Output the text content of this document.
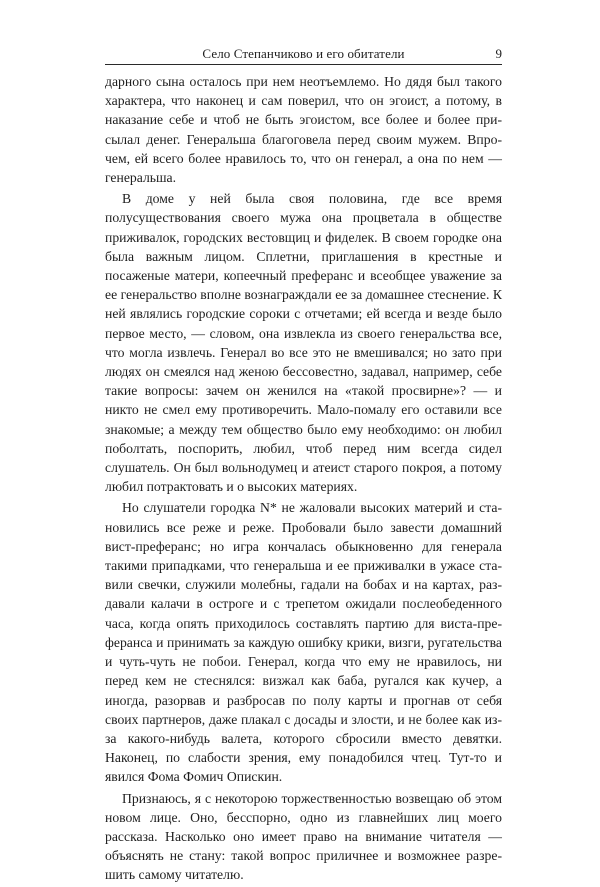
Село Степанчиково и его обитатели	9

дарного сына осталось при нем неотъемлемо. Но дядя был такого характера, что наконец и сам поверил, что он эгоист, а потому, в наказание себе и чтоб не быть эгоистом, все более и более присылал денег. Генеральша благоговела перед своим мужем. Впрочем, ей всего более нравилось то, что он генерал, а она по нем — генеральша.

В доме у ней была своя половина, где все время полусуществования своего мужа она процветала в обществе приживалок, городских вестовщиц и фиделек. В своем городке она была важным лицом. Сплетни, приглашения в крестные и посаженые матери, копеечный преферанс и всеобщее уважение за ее генеральство вполне вознаграждали ее за домашнее стеснение. К ней являлись городские сороки с отчетами; ей всегда и везде было первое место, — словом, она извлекла из своего генеральства все, что могла извлечь. Генерал во все это не вмешивался; но зато при людях он смеялся над женою бессовестно, задавал, например, себе такие вопросы: зачем он женился на «такой просвирне»? — и никто не смел ему противоречить. Мало-помалу его оставили все знакомые; а между тем общество было ему необходимо: он любил поболтать, поспорить, любил, чтоб перед ним всегда сидел слушатель. Он был вольнодумец и атеист старого покроя, а потому любил потрактовать и о высоких материях.

Но слушатели городка N* не жаловали высоких материй и становились все реже и реже. Пробовали было завести домашний вист-преферанс; но игра кончалась обыкновенно для генерала такими припадками, что генеральша и ее приживалки в ужасе ставили свечки, служили молебны, гадали на бобах и на картах, раздавали калачи в остроге и с трепетом ожидали послеобеденного часа, когда опять приходилось составлять партию для виста-преферанса и принимать за каждую ошибку крики, визги, ругательства и чуть-чуть не побои. Генерал, когда что ему не нравилось, ни перед кем не стеснялся: визжал как баба, ругался как кучер, а иногда, разорвав и разбросав по полу карты и прогнав от себя своих партнеров, даже плакал с досады и злости, и не более как из-за какого-нибудь валета, которого сбросили вместо девятки. Наконец, по слабости зрения, ему понадобился чтец. Тут-то и явился Фома Фомич Опискин.

Признаюсь, я с некоторою торжественностью возвещаю об этом новом лице. Оно, бесспорно, одно из главнейших лиц моего рассказа. Насколько оно имеет право на внимание читателя — объяснять не стану: такой вопрос приличнее и возможнее разрешить самому читателю.
